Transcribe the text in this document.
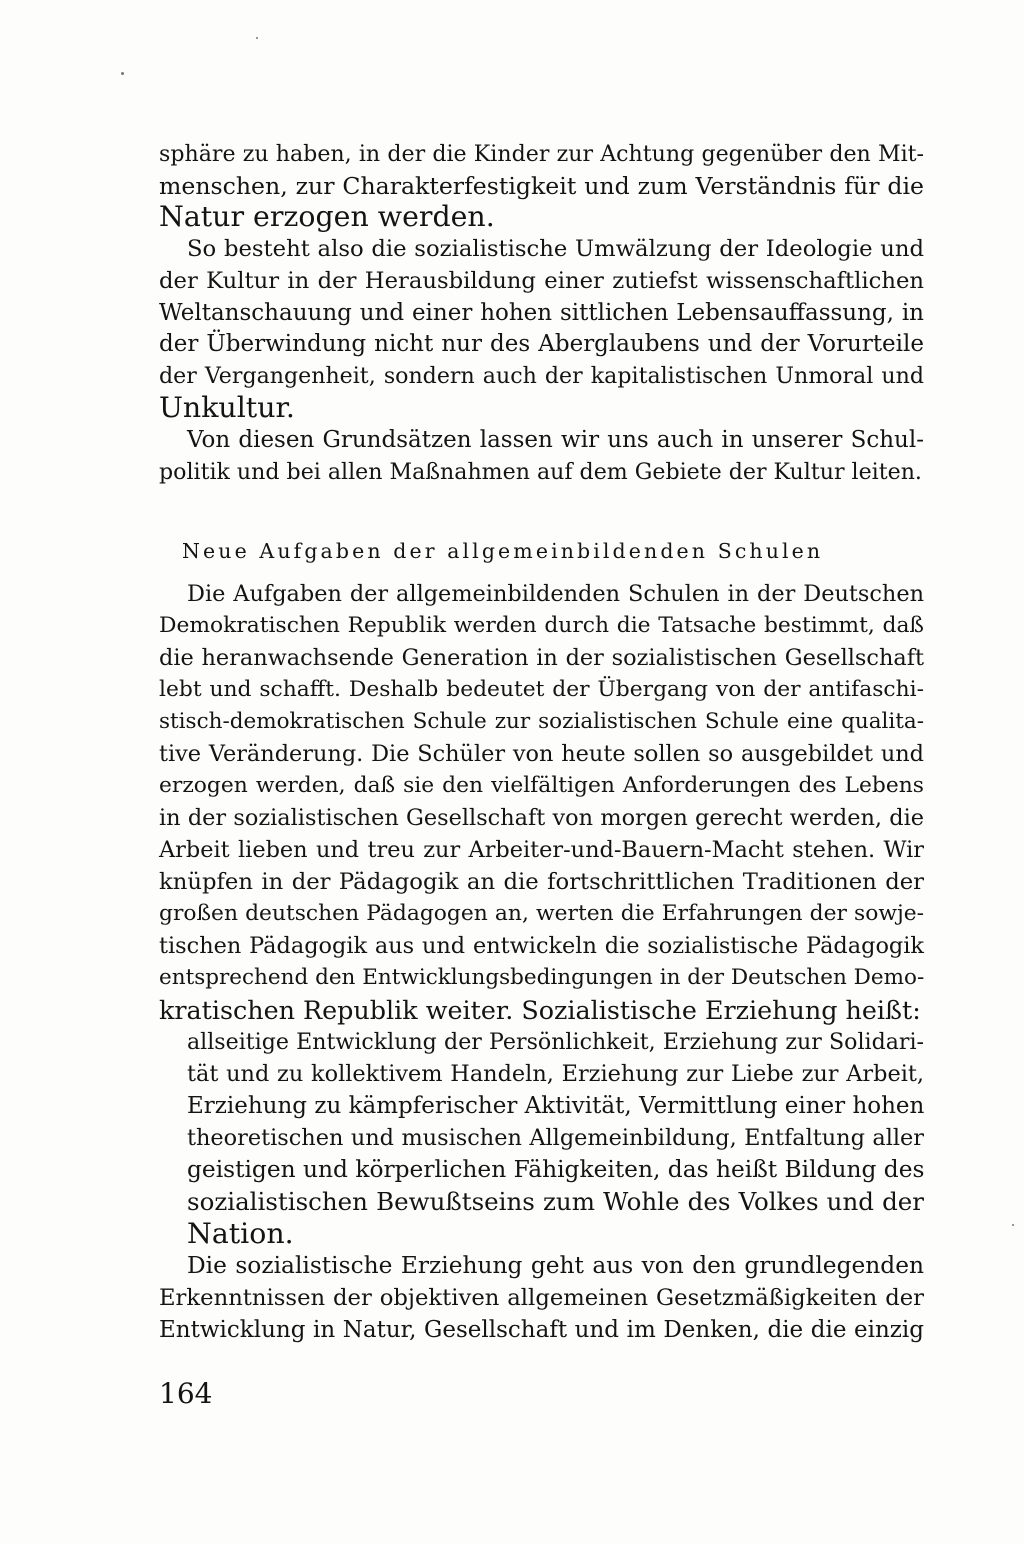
sphäre zu haben, in der die Kinder zur Achtung gegenüber den Mit-
menschen, zur Charakterfestigkeit und zum Verständnis für die
Natur erzogen werden.
So besteht also die sozialistische Umwälzung der Ideologie und
der Kultur in der Herausbildung einer zutiefst wissenschaftlichen
Weltanschauung und einer hohen sittlichen Lebensauffassung, in
der Überwindung nicht nur des Aberglaubens und der Vorurteile
der Vergangenheit, sondern auch der kapitalistischen Unmoral und
Unkultur.
Von diesen Grundsätzen lassen wir uns auch in unserer Schul-
politik und bei allen Maßnahmen auf dem Gebiete der Kultur leiten.
Neue Aufgaben der allgemeinbildenden Schulen
Die Aufgaben der allgemeinbildenden Schulen in der Deutschen
Demokratischen Republik werden durch die Tatsache bestimmt, daß
die heranwachsende Generation in der sozialistischen Gesellschaft
lebt und schafft. Deshalb bedeutet der Übergang von der antifaschi-
stisch-demokratischen Schule zur sozialistischen Schule eine qualita-
tive Veränderung. Die Schüler von heute sollen so ausgebildet und
erzogen werden, daß sie den vielfältigen Anforderungen des Lebens
in der sozialistischen Gesellschaft von morgen gerecht werden, die
Arbeit lieben und treu zur Arbeiter-und-Bauern-Macht stehen. Wir
knüpfen in der Pädagogik an die fortschrittlichen Traditionen der
großen deutschen Pädagogen an, werten die Erfahrungen der sowje-
tischen Pädagogik aus und entwickeln die sozialistische Pädagogik
entsprechend den Entwicklungsbedingungen in der Deutschen Demo-
kratischen Republik weiter. Sozialistische Erziehung heißt:
allseitige Entwicklung der Persönlichkeit, Erziehung zur Solidari-
tät und zu kollektivem Handeln, Erziehung zur Liebe zur Arbeit,
Erziehung zu kämpferischer Aktivität, Vermittlung einer hohen
theoretischen und musischen Allgemeinbildung, Entfaltung aller
geistigen und körperlichen Fähigkeiten, das heißt Bildung des
sozialistischen Bewußtseins zum Wohle des Volkes und der
Nation.
Die sozialistische Erziehung geht aus von den grundlegenden
Erkenntnissen der objektiven allgemeinen Gesetzmäßigkeiten der
Entwicklung in Natur, Gesellschaft und im Denken, die die einzig
164
